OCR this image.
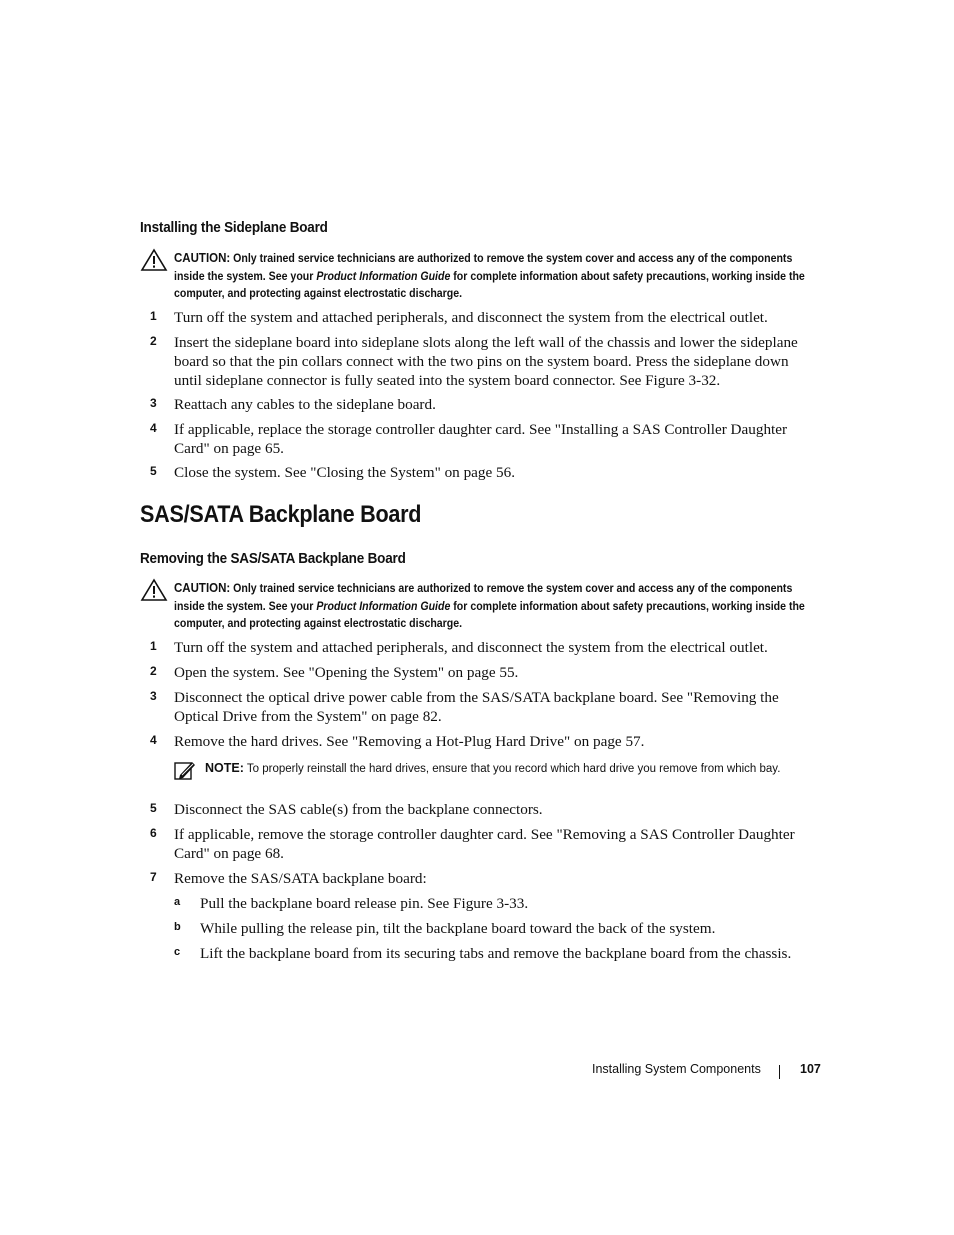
Installing the Sideplane Board
CAUTION: Only trained service technicians are authorized to remove the system cover and access any of the components inside the system. See your Product Information Guide for complete information about safety precautions, working inside the computer, and protecting against electrostatic discharge.
1 Turn off the system and attached peripherals, and disconnect the system from the electrical outlet.
2 Insert the sideplane board into sideplane slots along the left wall of the chassis and lower the sideplane board so that the pin collars connect with the two pins on the system board. Press the sideplane down until sideplane connector is fully seated into the system board connector. See Figure 3-32.
3 Reattach any cables to the sideplane board.
4 If applicable, replace the storage controller daughter card. See "Installing a SAS Controller Daughter Card" on page 65.
5 Close the system. See "Closing the System" on page 56.
SAS/SATA Backplane Board
Removing the SAS/SATA Backplane Board
CAUTION: Only trained service technicians are authorized to remove the system cover and access any of the components inside the system. See your Product Information Guide for complete information about safety precautions, working inside the computer, and protecting against electrostatic discharge.
1 Turn off the system and attached peripherals, and disconnect the system from the electrical outlet.
2 Open the system. See "Opening the System" on page 55.
3 Disconnect the optical drive power cable from the SAS/SATA backplane board. See "Removing the Optical Drive from the System" on page 82.
4 Remove the hard drives. See "Removing a Hot-Plug Hard Drive" on page 57.
NOTE: To properly reinstall the hard drives, ensure that you record which hard drive you remove from which bay.
5 Disconnect the SAS cable(s) from the backplane connectors.
6 If applicable, remove the storage controller daughter card. See "Removing a SAS Controller Daughter Card" on page 68.
7 Remove the SAS/SATA backplane board:
a Pull the backplane board release pin. See Figure 3-33.
b While pulling the release pin, tilt the backplane board toward the back of the system.
c Lift the backplane board from its securing tabs and remove the backplane board from the chassis.
Installing System Components	107
